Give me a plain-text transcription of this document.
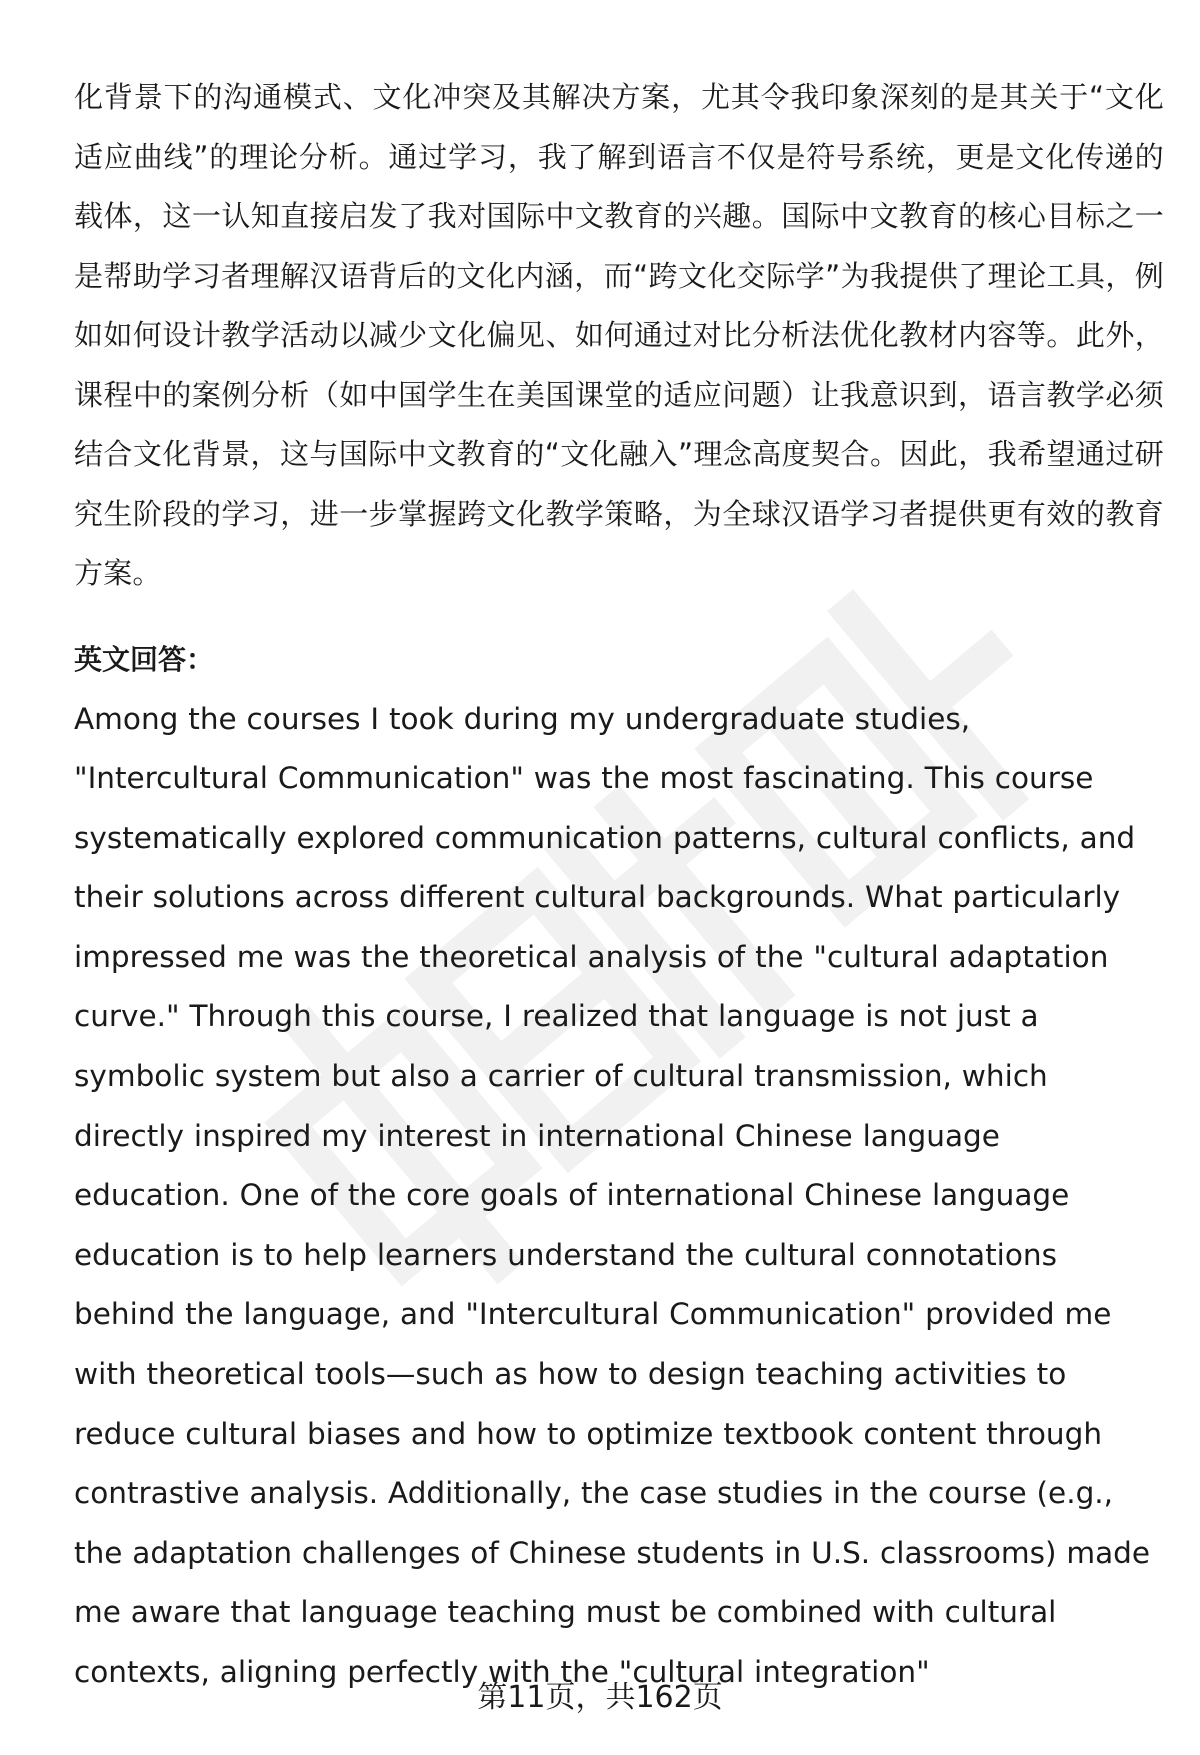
化背景下的沟通模式、文化冲突及其解决方案，尤其令我印象深刻的是其关于“文化适应曲线”的理论分析。通过学习，我了解到语言不仅是符号系统，更是文化传递的载体，这一认知直接启发了我对国际中文教育的兴趣。国际中文教育的核心目标之一是帮助学习者理解汉语背后的文化内涵，而“跨文化交际学”为我提供了理论工具，例如如何设计教学活动以减少文化偏见、如何通过对比分析法优化教材内容等。此外，课程中的案例分析（如中国学生在美国课堂的适应问题）让我意识到，语言教学必须结合文化背景，这与国际中文教育的“文化融入”理念高度契合。因此，我希望通过研究生阶段的学习，进一步掌握跨文化教学策略，为全球汉语学习者提供更有效的教育方案。

英文回答：

Among the courses I took during my undergraduate studies, "Intercultural Communication" was the most fascinating. This course systematically explored communication patterns, cultural conflicts, and their solutions across different cultural backgrounds. What particularly impressed me was the theoretical analysis of the "cultural adaptation curve." Through this course, I realized that language is not just a symbolic system but also a carrier of cultural transmission, which directly inspired my interest in international Chinese language education. One of the core goals of international Chinese language education is to help learners understand the cultural connotations behind the language, and "Intercultural Communication" provided me with theoretical tools—such as how to design teaching activities to reduce cultural biases and how to optimize textbook content through contrastive analysis. Additionally, the case studies in the course (e.g., the adaptation challenges of Chinese students in U.S. classrooms) made me aware that language teaching must be combined with cultural contexts, aligning perfectly with the "cultural integration"

第11页，共162页
